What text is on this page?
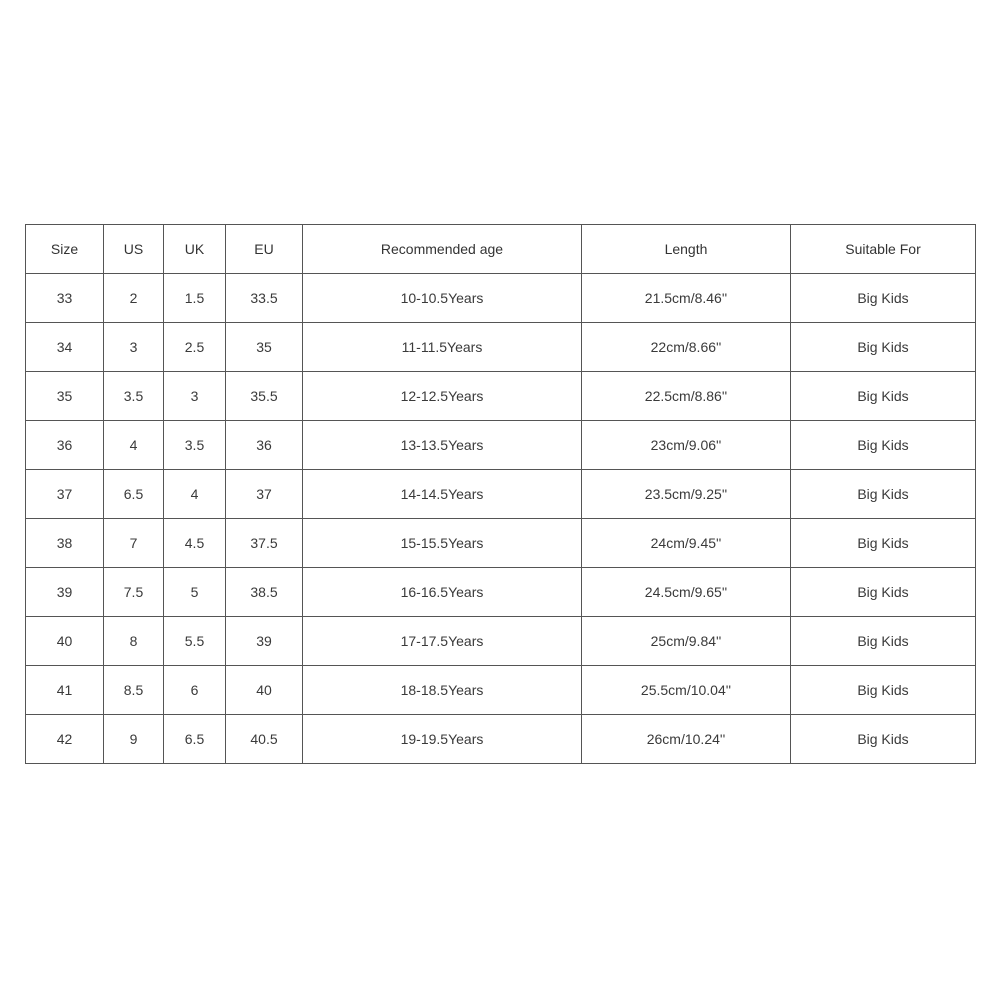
Size	US	UK	EU	Recommended age	Length	Suitable For
33	2	1.5	33.5	10-10.5Years	21.5cm/8.46''	Big Kids
34	3	2.5	35	11-11.5Years	22cm/8.66''	Big Kids
35	3.5	3	35.5	12-12.5Years	22.5cm/8.86''	Big Kids
36	4	3.5	36	13-13.5Years	23cm/9.06''	Big Kids
37	6.5	4	37	14-14.5Years	23.5cm/9.25''	Big Kids
38	7	4.5	37.5	15-15.5Years	24cm/9.45''	Big Kids
39	7.5	5	38.5	16-16.5Years	24.5cm/9.65''	Big Kids
40	8	5.5	39	17-17.5Years	25cm/9.84''	Big Kids
41	8.5	6	40	18-18.5Years	25.5cm/10.04''	Big Kids
42	9	6.5	40.5	19-19.5Years	26cm/10.24''	Big Kids
